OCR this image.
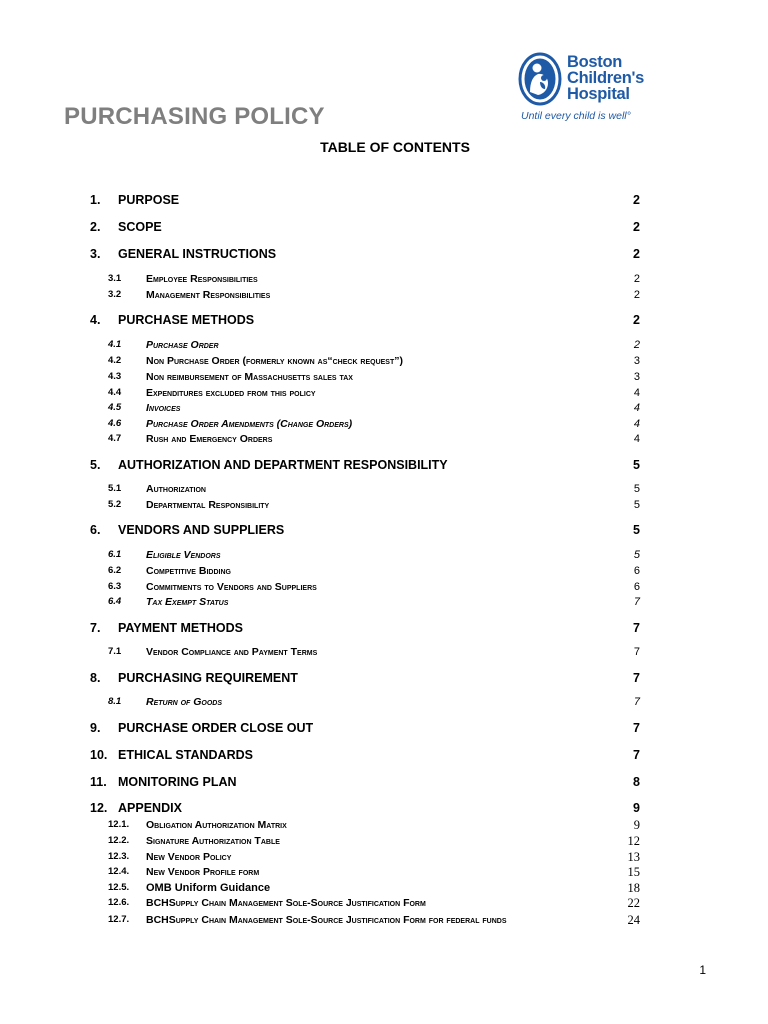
PURCHASING POLICY
TABLE OF CONTENTS
Boston
Children's
Hospital
Until every child is well°
1. PURPOSE	2
2. SCOPE	2
3. GENERAL INSTRUCTIONS	2
3.1 Employee Responsibilities	2
3.2 Management Responsibilities	2
4. PURCHASE METHODS	2
4.1 Purchase Order	2
4.2 Non Purchase Order (formerly known as“check request”)	3
4.3 Non reimbursement of Massachusetts sales tax	3
4.4 Expenditures excluded from this policy	4
4.5 Invoices	4
4.6 Purchase Order Amendments (Change Orders)	4
4.7 Rush and Emergency Orders	4
5. AUTHORIZATION AND DEPARTMENT RESPONSIBILITY	5
5.1 Authorization	5
5.2 Departmental Responsibility	5
6. VENDORS AND SUPPLIERS	5
6.1 Eligible Vendors	5
6.2 Competitive Bidding	6
6.3 Commitments to Vendors and Suppliers	6
6.4 Tax Exempt Status	7
7. PAYMENT METHODS	7
7.1 Vendor Compliance and Payment Terms	7
8. PURCHASING REQUIREMENT	7
8.1 Return of Goods	7
9. PURCHASE ORDER CLOSE OUT	7
10. ETHICAL STANDARDS	7
11. MONITORING PLAN	8
12. APPENDIX	9
12.1. Obligation Authorization Matrix	9
12.2. Signature Authorization Table	12
12.3. New Vendor Policy	13
12.4. New Vendor Profile form	15
12.5. OMB Uniform Guidance	18
12.6. BCHSupply Chain Management Sole-Source Justification Form	22
12.7. BCHSupply Chain Management Sole-Source Justification Form for federal funds	24
1
